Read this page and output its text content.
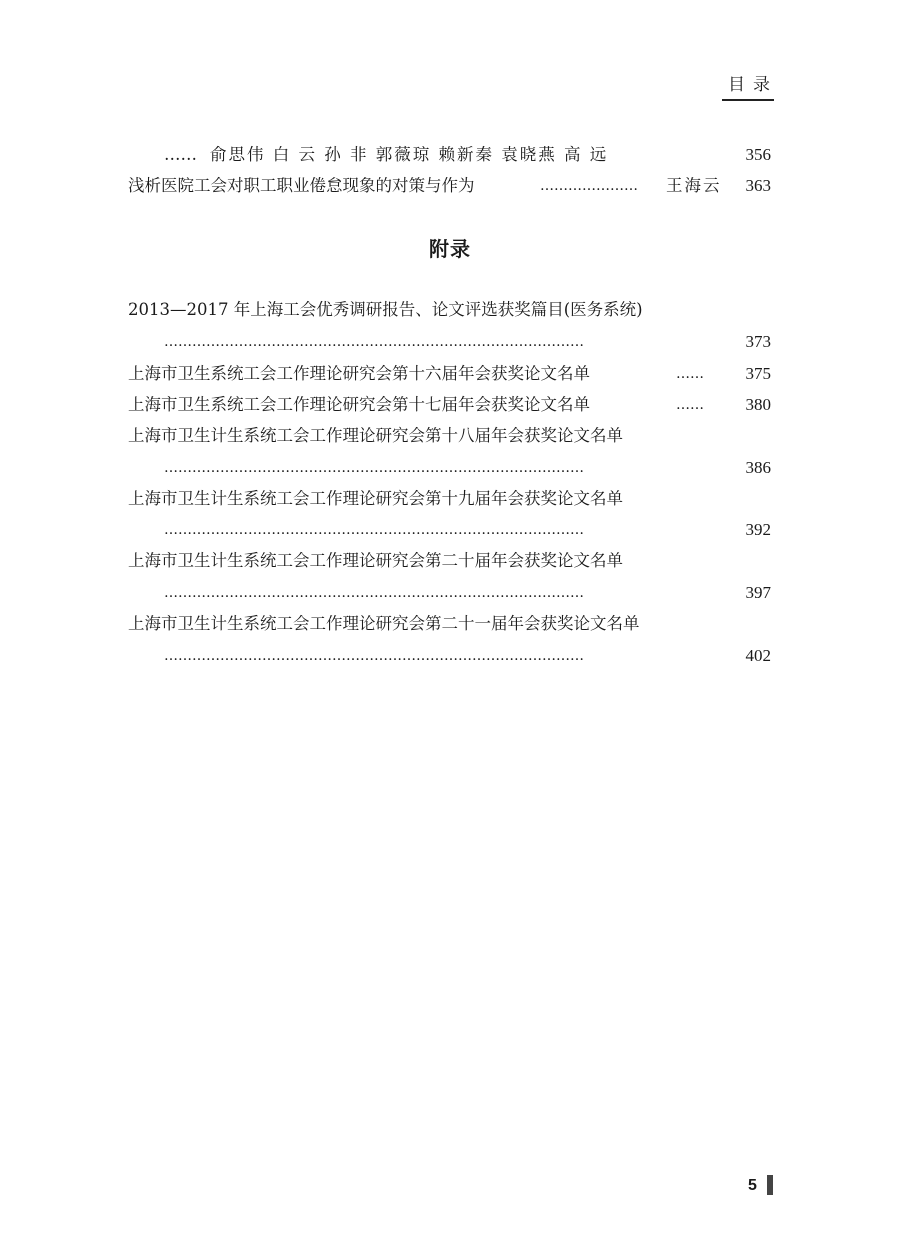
目录
…… 俞思伟 白 云 孙 非 郭薇琼 赖新秦 袁晓燕 高 远	356
浅析医院工会对职工职业倦怠现象的对策与作为	………………… 王海云 363
附录
2013—2017 年上海工会优秀调研报告、论文评选获奖篇目(医务系统)
………………………………………………………………………………	373
上海市卫生系统工会工作理论研究会第十六届年会获奖论文名单	…… 375
上海市卫生系统工会工作理论研究会第十七届年会获奖论文名单	…… 380
上海市卫生计生系统工会工作理论研究会第十八届年会获奖论文名单
………………………………………………………………………………	386
上海市卫生计生系统工会工作理论研究会第十九届年会获奖论文名单
………………………………………………………………………………	392
上海市卫生计生系统工会工作理论研究会第二十届年会获奖论文名单
………………………………………………………………………………	397
上海市卫生计生系统工会工作理论研究会第二十一届年会获奖论文名单
………………………………………………………………………………	402
5
